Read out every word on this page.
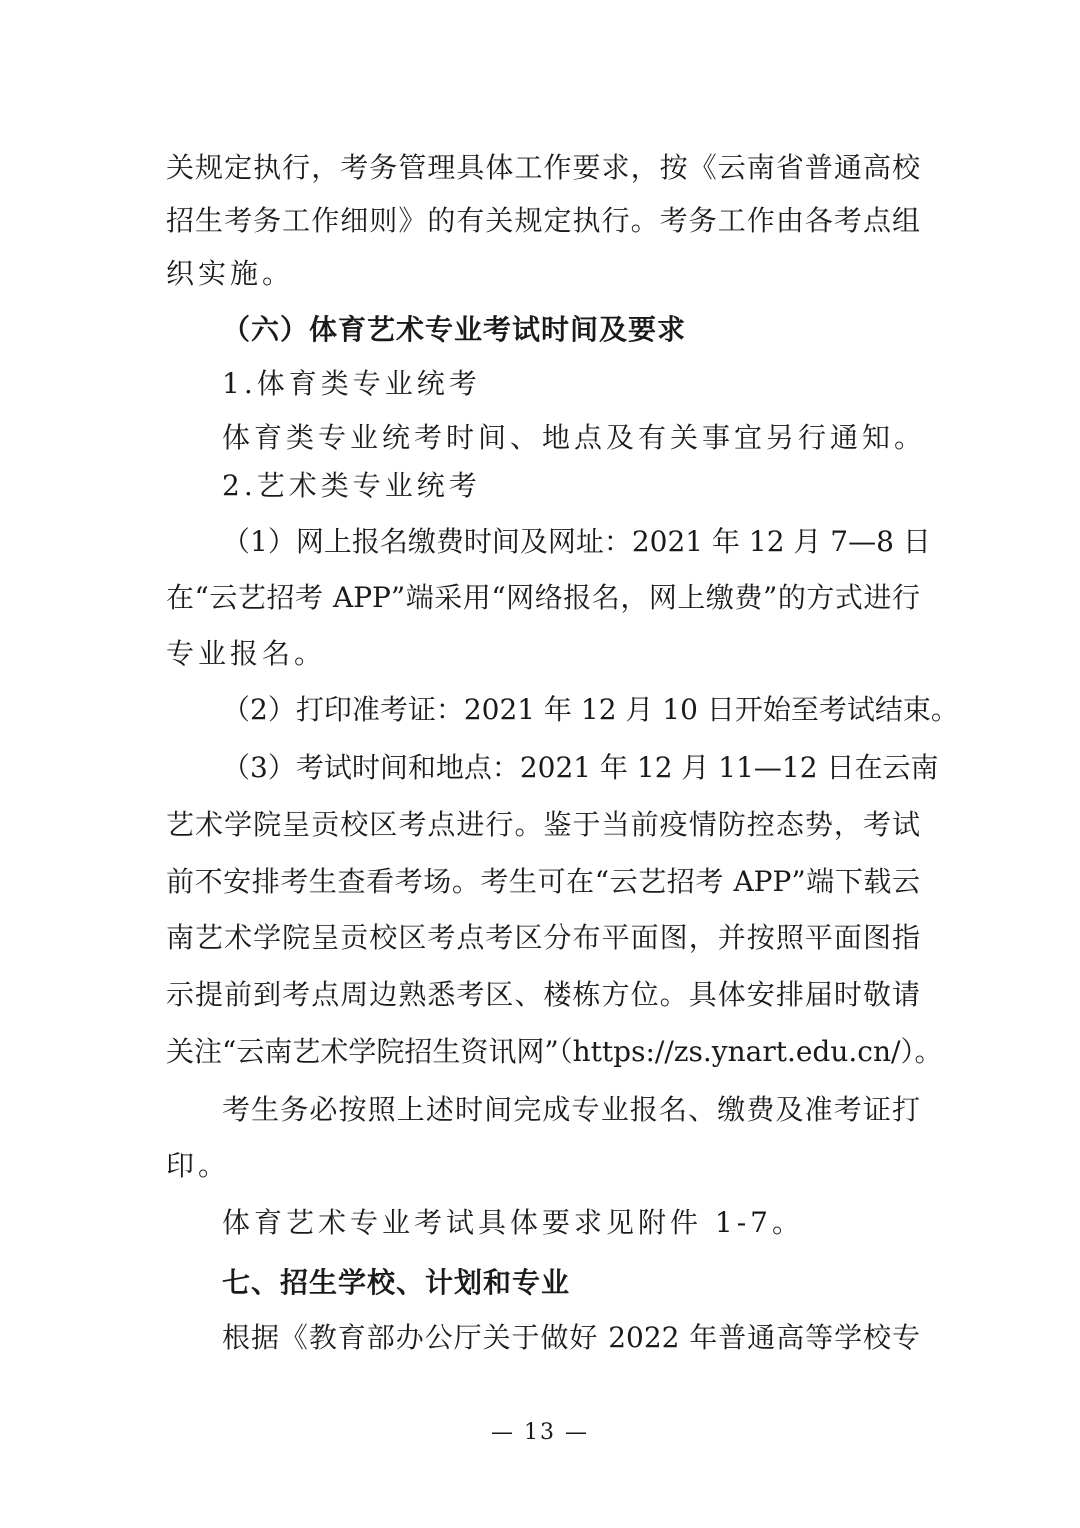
关规定执行，考务管理具体工作要求，按《云南省普通高校

招生考务工作细则》的有关规定执行。考务工作由各考点组

织实施。

（六）体育艺术专业考试时间及要求

1.体育类专业统考

体育类专业统考时间、地点及有关事宜另行通知。

2.艺术类专业统考

（1）网上报名缴费时间及网址：2021 年 12 月 7—8 日

在“云艺招考 APP”端采用“网络报名，网上缴费”的方式进行

专业报名。

（2）打印准考证：2021 年 12 月 10 日开始至考试结束。

（3）考试时间和地点：2021 年 12 月 11—12 日在云南

艺术学院呈贡校区考点进行。鉴于当前疫情防控态势，考试

前不安排考生查看考场。考生可在“云艺招考 APP”端下载云

南艺术学院呈贡校区考点考区分布平面图，并按照平面图指

示提前到考点周边熟悉考区、楼栋方位。具体安排届时敬请

关注“云南艺术学院招生资讯网”（https://zs.ynart.edu.cn/）。

考生务必按照上述时间完成专业报名、缴费及准考证打

印。

体育艺术专业考试具体要求见附件 1-7。

七、招生学校、计划和专业

根据《教育部办公厅关于做好 2022 年普通高等学校专

— 13 —
